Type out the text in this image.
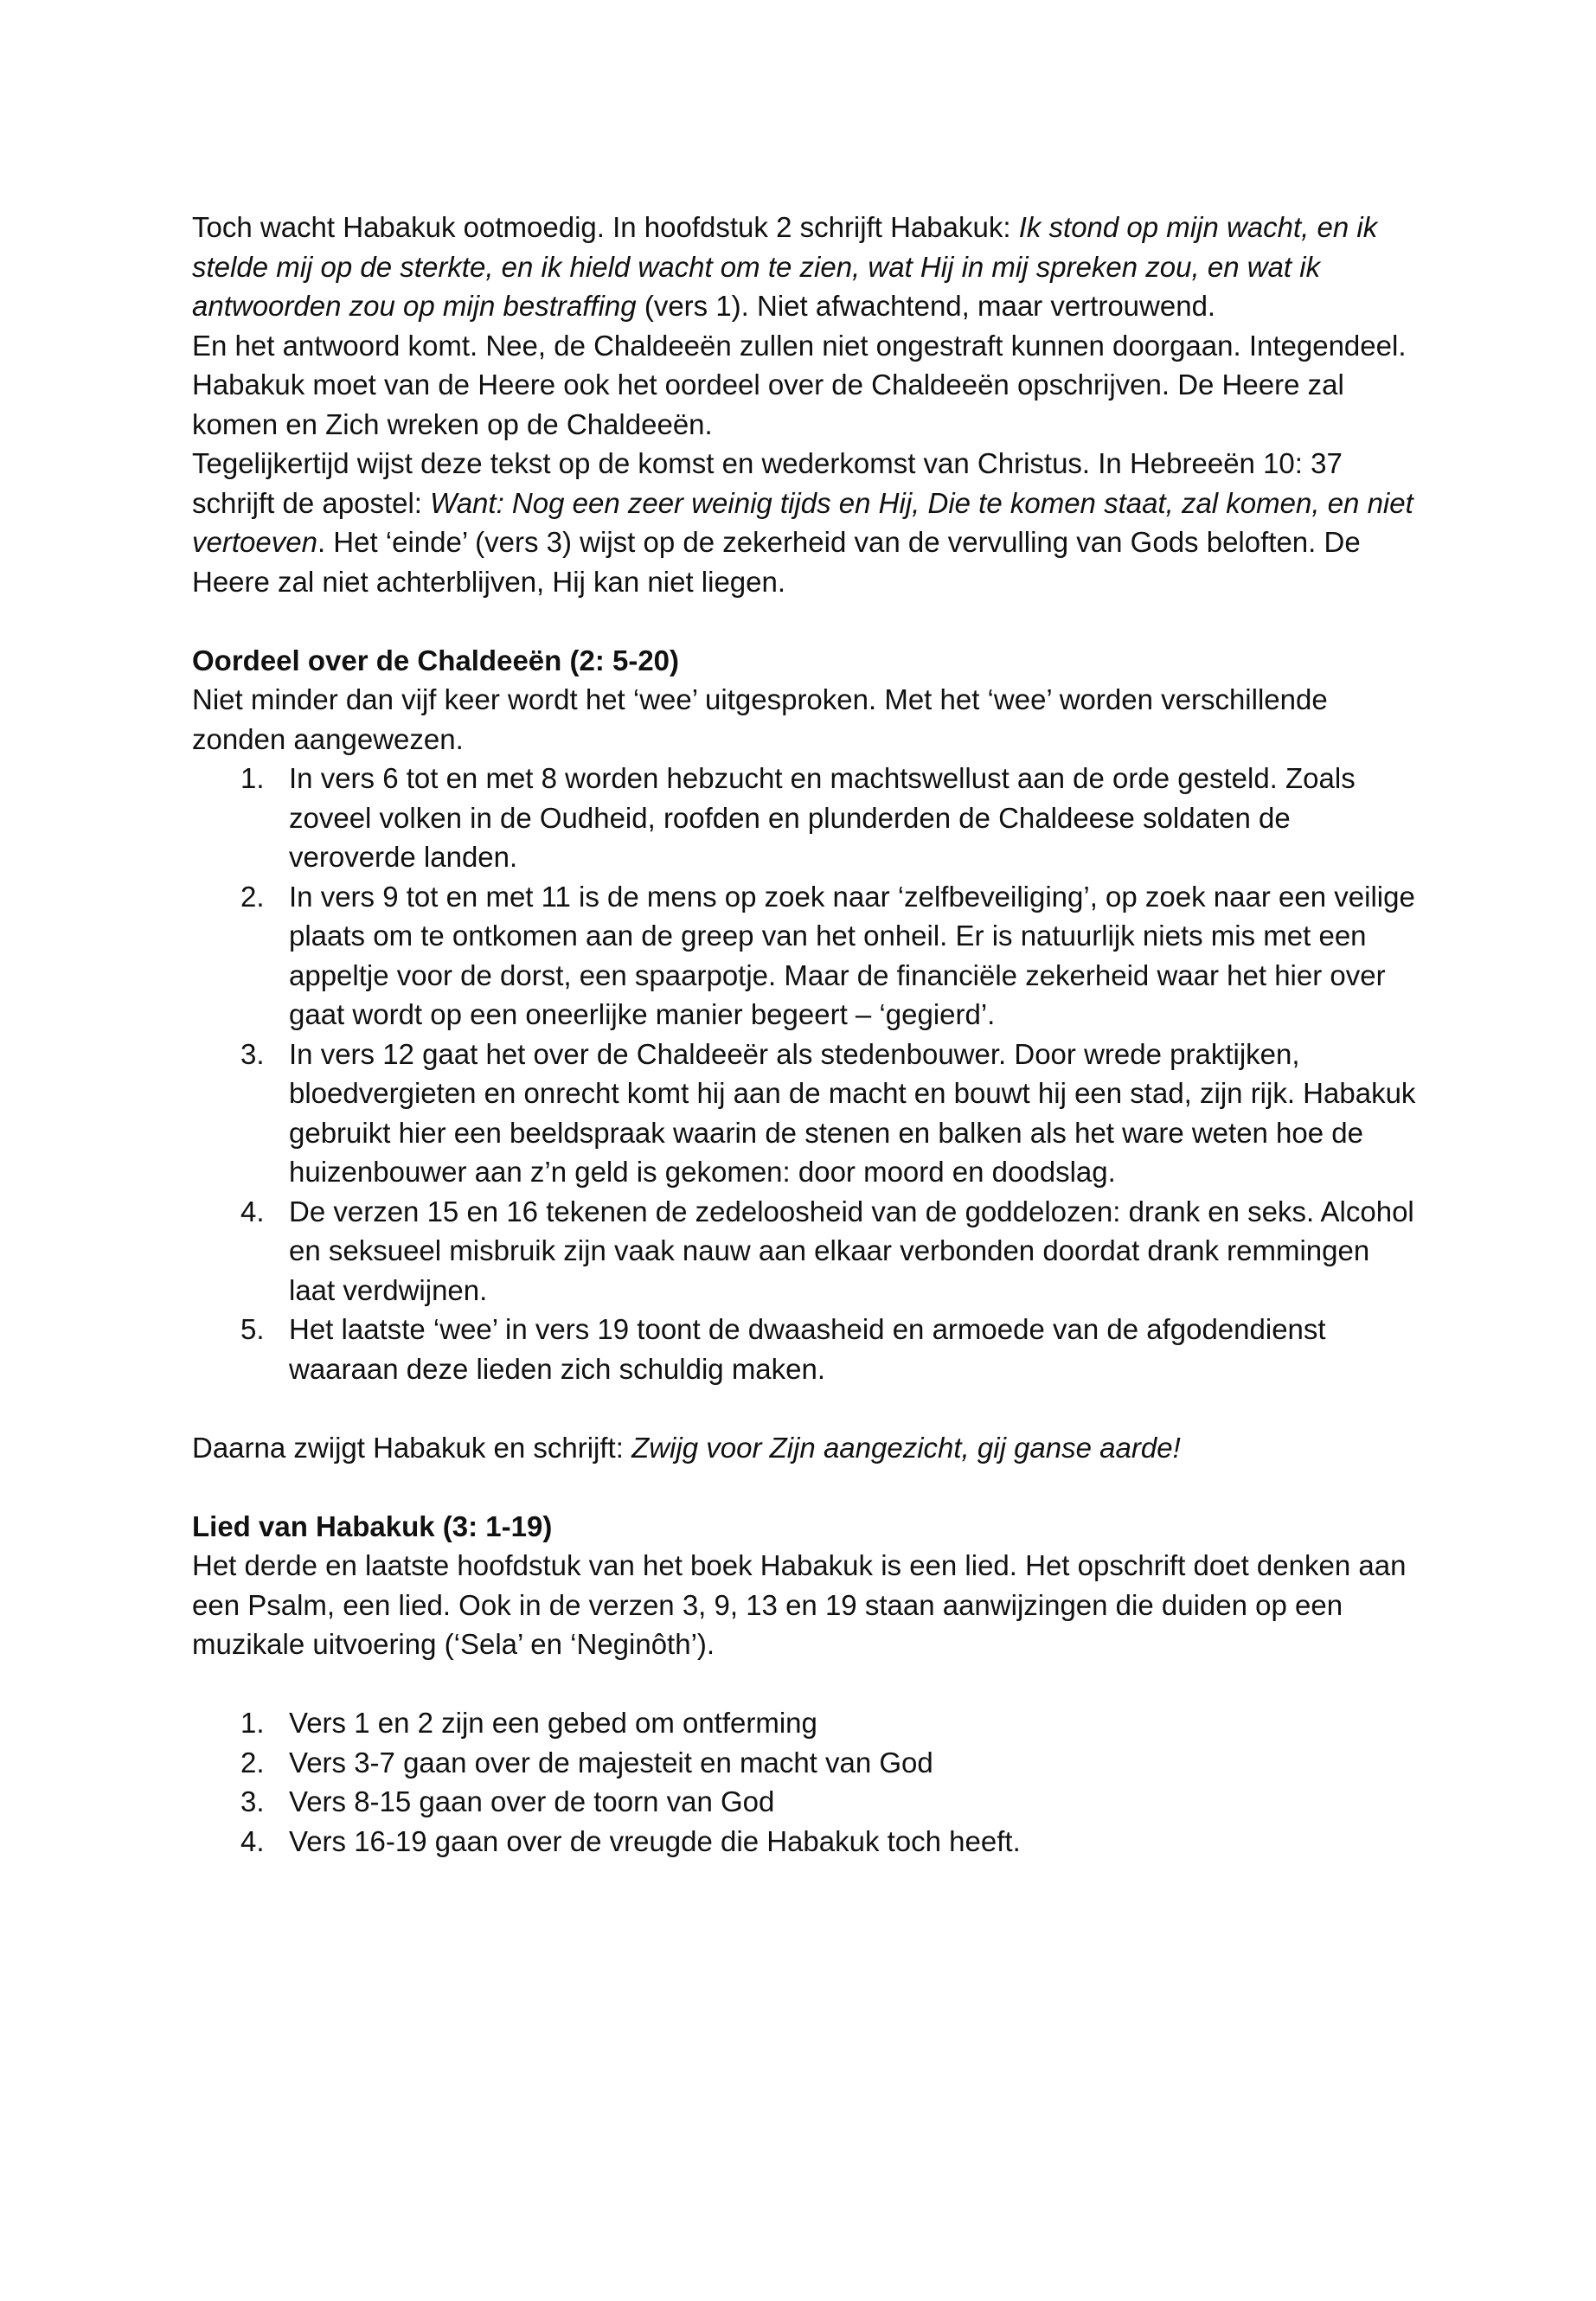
Toch wacht Habakuk ootmoedig. In hoofdstuk 2 schrijft Habakuk: Ik stond op mijn wacht, en ik stelde mij op de sterkte, en ik hield wacht om te zien, wat Hij in mij spreken zou, en wat ik antwoorden zou op mijn bestraffing (vers 1). Niet afwachtend, maar vertrouwend.

En het antwoord komt. Nee, de Chaldeeën zullen niet ongestraft kunnen doorgaan. Integendeel. Habakuk moet van de Heere ook het oordeel over de Chaldeeën opschrijven. De Heere zal komen en Zich wreken op de Chaldeeën.

Tegelijkertijd wijst deze tekst op de komst en wederkomst van Christus. In Hebreeën 10: 37 schrijft de apostel: Want: Nog een zeer weinig tijds en Hij, Die te komen staat, zal komen, en niet vertoeven. Het ‘einde’ (vers 3) wijst op de zekerheid van de vervulling van Gods beloften. De Heere zal niet achterblijven, Hij kan niet liegen.

Oordeel over de Chaldeeën (2: 5-20)

Niet minder dan vijf keer wordt het ‘wee’ uitgesproken. Met het ‘wee’ worden verschillende zonden aangewezen.

1. In vers 6 tot en met 8 worden hebzucht en machtswellust aan de orde gesteld. Zoals zoveel volken in de Oudheid, roofden en plunderden de Chaldeese soldaten de veroverde landen.
2. In vers 9 tot en met 11 is de mens op zoek naar ‘zelfbeveiliging’, op zoek naar een veilige plaats om te ontkomen aan de greep van het onheil. Er is natuurlijk niets mis met een appeltje voor de dorst, een spaarpotje. Maar de financiële zekerheid waar het hier over gaat wordt op een oneerlijke manier begeert – ‘gegierd’.
3. In vers 12 gaat het over de Chaldeeër als stedenbouwer. Door wrede praktijken, bloedvergieten en onrecht komt hij aan de macht en bouwt hij een stad, zijn rijk. Habakuk gebruikt hier een beeldspraak waarin de stenen en balken als het ware weten hoe de huizenbouwer aan z’n geld is gekomen: door moord en doodslag.
4. De verzen 15 en 16 tekenen de zedeloosheid van de goddelozen: drank en seks. Alcohol en seksueel misbruik zijn vaak nauw aan elkaar verbonden doordat drank remmingen laat verdwijnen.
5. Het laatste ‘wee’ in vers 19 toont de dwaasheid en armoede van de afgodendienst waaraan deze lieden zich schuldig maken.

Daarna zwijgt Habakuk en schrijft: Zwijg voor Zijn aangezicht, gij ganse aarde!

Lied van Habakuk (3: 1-19)

Het derde en laatste hoofdstuk van het boek Habakuk is een lied. Het opschrift doet denken aan een Psalm, een lied. Ook in de verzen 3, 9, 13 en 19 staan aanwijzingen die duiden op een muzikale uitvoering (‘Sela’ en ‘Neginôth’).

1. Vers 1 en 2 zijn een gebed om ontferming
2. Vers 3-7 gaan over de majesteit en macht van God
3. Vers 8-15 gaan over de toorn van God
4. Vers 16-19 gaan over de vreugde die Habakuk toch heeft.
